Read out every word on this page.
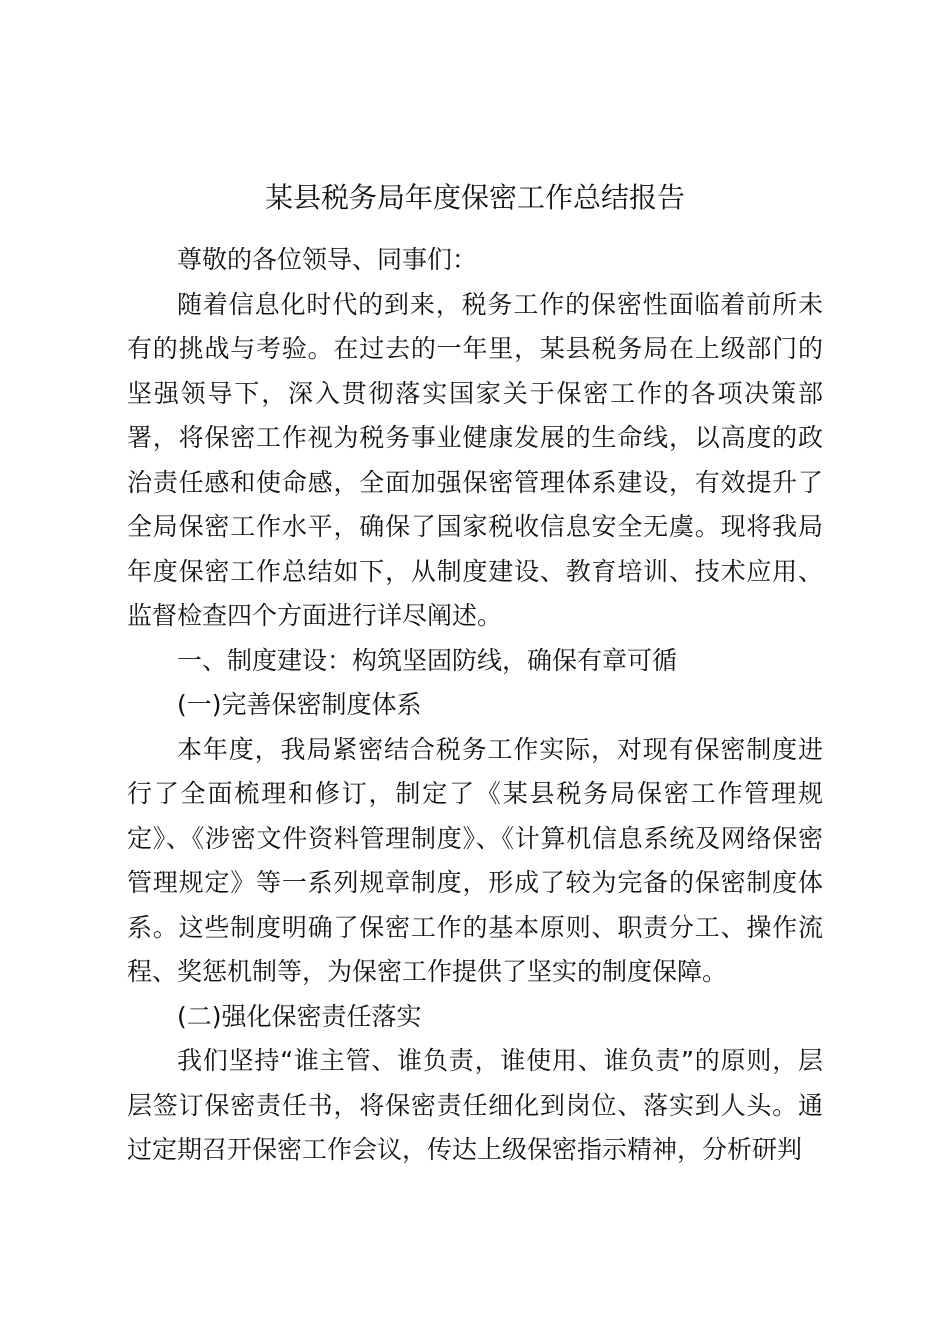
某县税务局年度保密工作总结报告

尊敬的各位领导、同事们：

随着信息化时代的到来，税务工作的保密性面临着前所未有的挑战与考验。在过去的一年里，某县税务局在上级部门的坚强领导下，深入贯彻落实国家关于保密工作的各项决策部署，将保密工作视为税务事业健康发展的生命线，以高度的政治责任感和使命感，全面加强保密管理体系建设，有效提升了全局保密工作水平，确保了国家税收信息安全无虞。现将我局年度保密工作总结如下，从制度建设、教育培训、技术应用、监督检查四个方面进行详尽阐述。

一、制度建设：构筑坚固防线，确保有章可循

(一)完善保密制度体系

本年度，我局紧密结合税务工作实际，对现有保密制度进行了全面梳理和修订，制定了《某县税务局保密工作管理规定》、《涉密文件资料管理制度》、《计算机信息系统及网络保密管理规定》等一系列规章制度，形成了较为完备的保密制度体系。这些制度明确了保密工作的基本原则、职责分工、操作流程、奖惩机制等，为保密工作提供了坚实的制度保障。

(二)强化保密责任落实

我们坚持“谁主管、谁负责，谁使用、谁负责”的原则，层层签订保密责任书，将保密责任细化到岗位、落实到人头。通过定期召开保密工作会议，传达上级保密指示精神，分析研判
